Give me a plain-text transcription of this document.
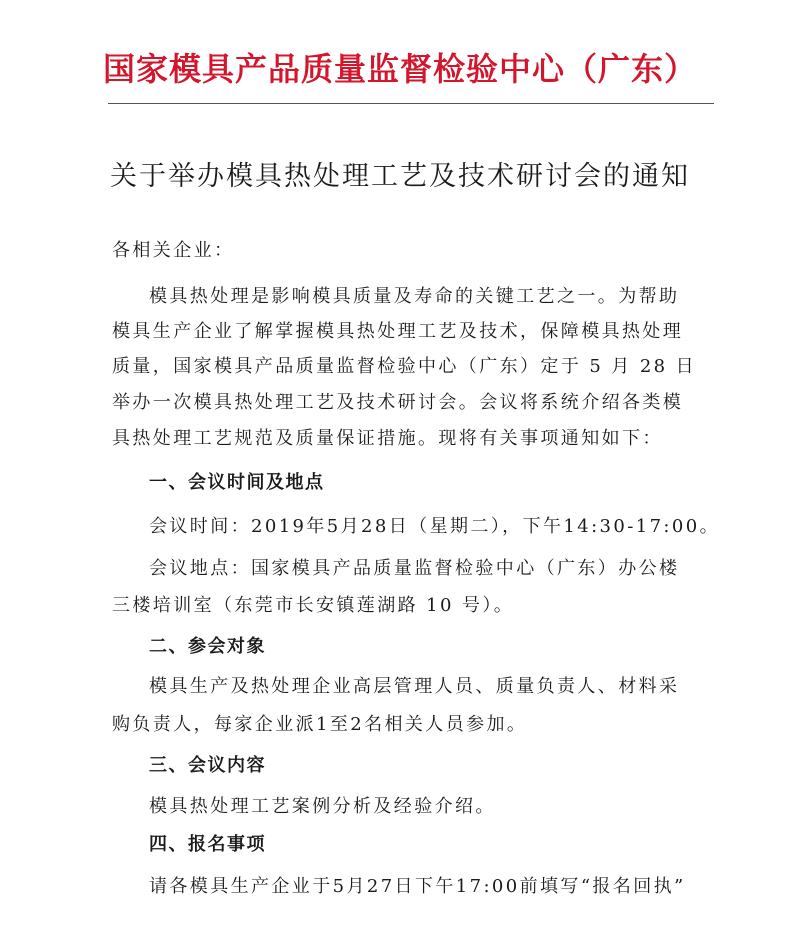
国家模具产品质量监督检验中心（广东）
关于举办模具热处理工艺及技术研讨会的通知
各相关企业：
模具热处理是影响模具质量及寿命的关键工艺之一。为帮助
模具生产企业了解掌握模具热处理工艺及技术，保障模具热处理
质量，国家模具产品质量监督检验中心（广东）定于 5 月 28 日
举办一次模具热处理工艺及技术研讨会。会议将系统介绍各类模
具热处理工艺规范及质量保证措施。现将有关事项通知如下：
一、会议时间及地点
会议时间：2019年5月28日（星期二），下午14:30-17:00。
会议地点：国家模具产品质量监督检验中心（广东）办公楼
三楼培训室（东莞市长安镇莲湖路 10 号）。
二、参会对象
模具生产及热处理企业高层管理人员、质量负责人、材料采
购负责人，每家企业派1至2名相关人员参加。
三、会议内容
模具热处理工艺案例分析及经验介绍。
四、报名事项
请各模具生产企业于5月27日下午17:00前填写“报名回执”
